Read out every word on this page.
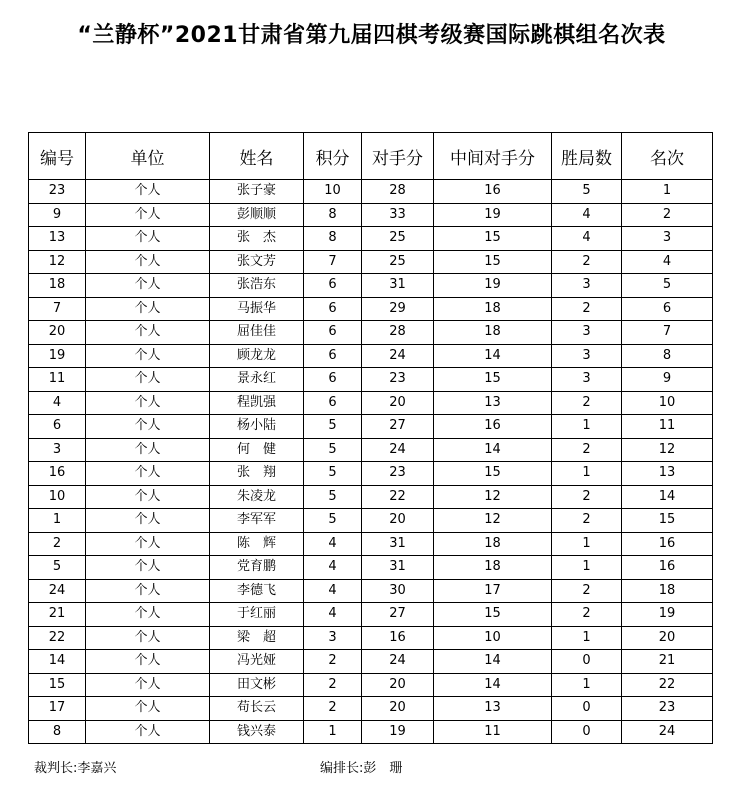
“兰静杯”2021甘肃省第九届四棋考级赛国际跳棋组名次表
编号	单位	姓名	积分	对手分	中间对手分	胜局数	名次
23	个人	张子豪	10	28	16	5	1
9	个人	彭顺顺	8	33	19	4	2
13	个人	张　杰	8	25	15	4	3
12	个人	张文芳	7	25	15	2	4
18	个人	张浩东	6	31	19	3	5
7	个人	马振华	6	29	18	2	6
20	个人	屈佳佳	6	28	18	3	7
19	个人	顾龙龙	6	24	14	3	8
11	个人	景永红	6	23	15	3	9
4	个人	程凯强	6	20	13	2	10
6	个人	杨小陆	5	27	16	1	11
3	个人	何　健	5	24	14	2	12
16	个人	张　翔	5	23	15	1	13
10	个人	朱凌龙	5	22	12	2	14
1	个人	李军军	5	20	12	2	15
2	个人	陈　辉	4	31	18	1	16
5	个人	党育鹏	4	31	18	1	16
24	个人	李德飞	4	30	17	2	18
21	个人	于红丽	4	27	15	2	19
22	个人	梁　超	3	16	10	1	20
14	个人	冯光娅	2	24	14	0	21
15	个人	田文彬	2	20	14	1	22
17	个人	苟长云	2	20	13	0	23
8	个人	钱兴泰	1	19	11	0	24
裁判长:李嘉兴	编排长:彭　珊
